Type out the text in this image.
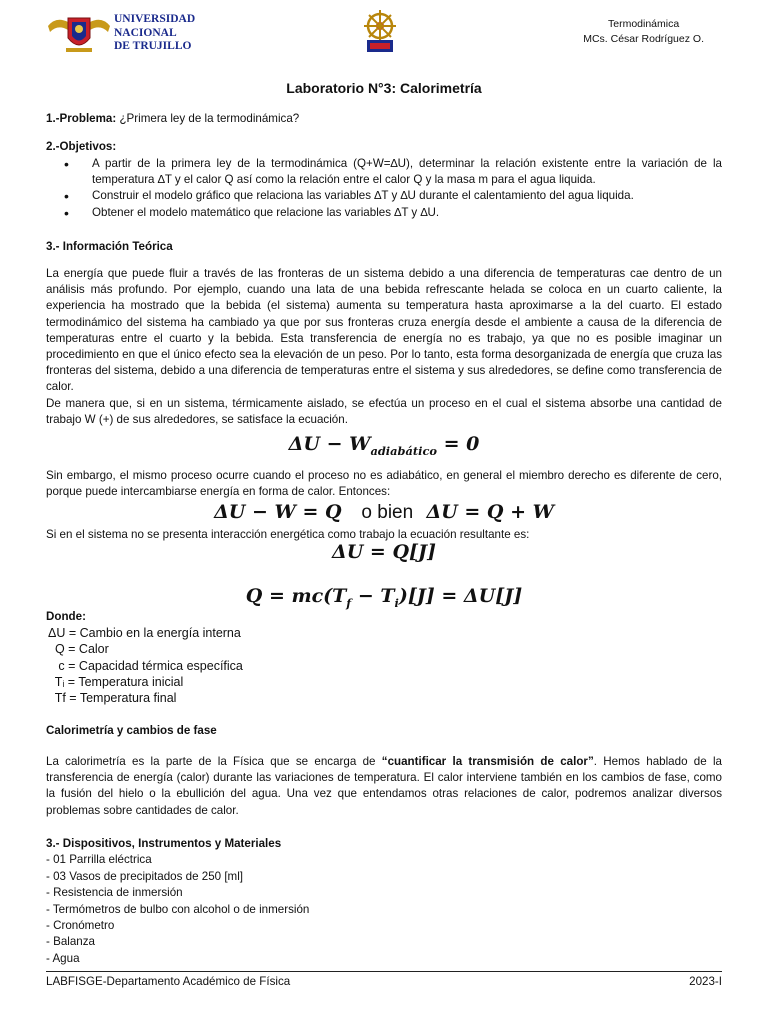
UNIVERSIDAD
NACIONAL
DE TRUJILLO
Termodinámica
MCs. César Rodríguez O.
Laboratorio N°3: Calorimetría
1.-Problema: ¿Primera ley de la termodinámica?
2.-Objetivos:
• A partir de la primera ley de la termodinámica (Q+W=∆U), determinar la relación existente entre la variación de la temperatura ∆T y el calor Q así como la relación entre el calor Q y la masa m para el agua liquida.
• Construir el modelo gráfico que relaciona las variables ∆T y ∆U durante el calentamiento del agua liquida.
• Obtener el modelo matemático que relacione las variables ∆T y ∆U.
3.- Información Teórica
La energía que puede fluir a través de las fronteras de un sistema debido a una diferencia de temperaturas cae dentro de un análisis más profundo. Por ejemplo, cuando una lata de una bebida refrescante helada se coloca en un cuarto caliente, la experiencia ha mostrado que la bebida (el sistema) aumenta su temperatura hasta aproximarse a la del cuarto. El estado termodinámico del sistema ha cambiado ya que por sus fronteras cruza energía desde el ambiente a causa de la diferencia de temperaturas entre el cuarto y la bebida. Esta transferencia de energía no es trabajo, ya que no es posible imaginar un procedimiento en que el único efecto sea la elevación de un peso. Por lo tanto, esta forma desorganizada de energía que cruza las fronteras del sistema, debido a una diferencia de temperaturas entre el sistema y sus alrededores, se define como transferencia de calor.
De manera que, si en un sistema, térmicamente aislado, se efectúa un proceso en el cual el sistema absorbe una cantidad de trabajo W (+) de sus alrededores, se satisface la ecuación.
$\Delta U - W_{adiabático} = 0$
Sin embargo, el mismo proceso ocurre cuando el proceso no es adiabático, en general el miembro derecho es diferente de cero, porque puede intercambiarse energía en forma de calor. Entonces:
ΔU − W = Q o bien ΔU = Q + W
Si en el sistema no se presenta interacción energética como trabajo la ecuación resultante es:
ΔU = Q[J]
$Q = mc(T_f - T_i)[J] = \Delta U[J]$
Donde:
ΔU = Cambio en la energía interna
Q = Calor
c = Capacidad térmica específica
Tᵢ = Temperatura inicial
Tf = Temperatura final
Calorimetría y cambios de fase
La calorimetría es la parte de la Física que se encarga de “cuantificar la transmisión de calor”. Hemos hablado de la transferencia de energía (calor) durante las variaciones de temperatura. El calor interviene también en los cambios de fase, como la fusión del hielo o la ebullición del agua. Una vez que entendamos otras relaciones de calor, podremos analizar diversos problemas sobre cantidades de calor.
3.- Dispositivos, Instrumentos y Materiales
- 01 Parrilla eléctrica
- 03 Vasos de precipitados de 250 [ml]
- Resistencia de inmersión
- Termómetros de bulbo con alcohol o de inmersión
- Cronómetro
- Balanza
- Agua
LABFISGE-Departamento Académico de Física	2023-I
